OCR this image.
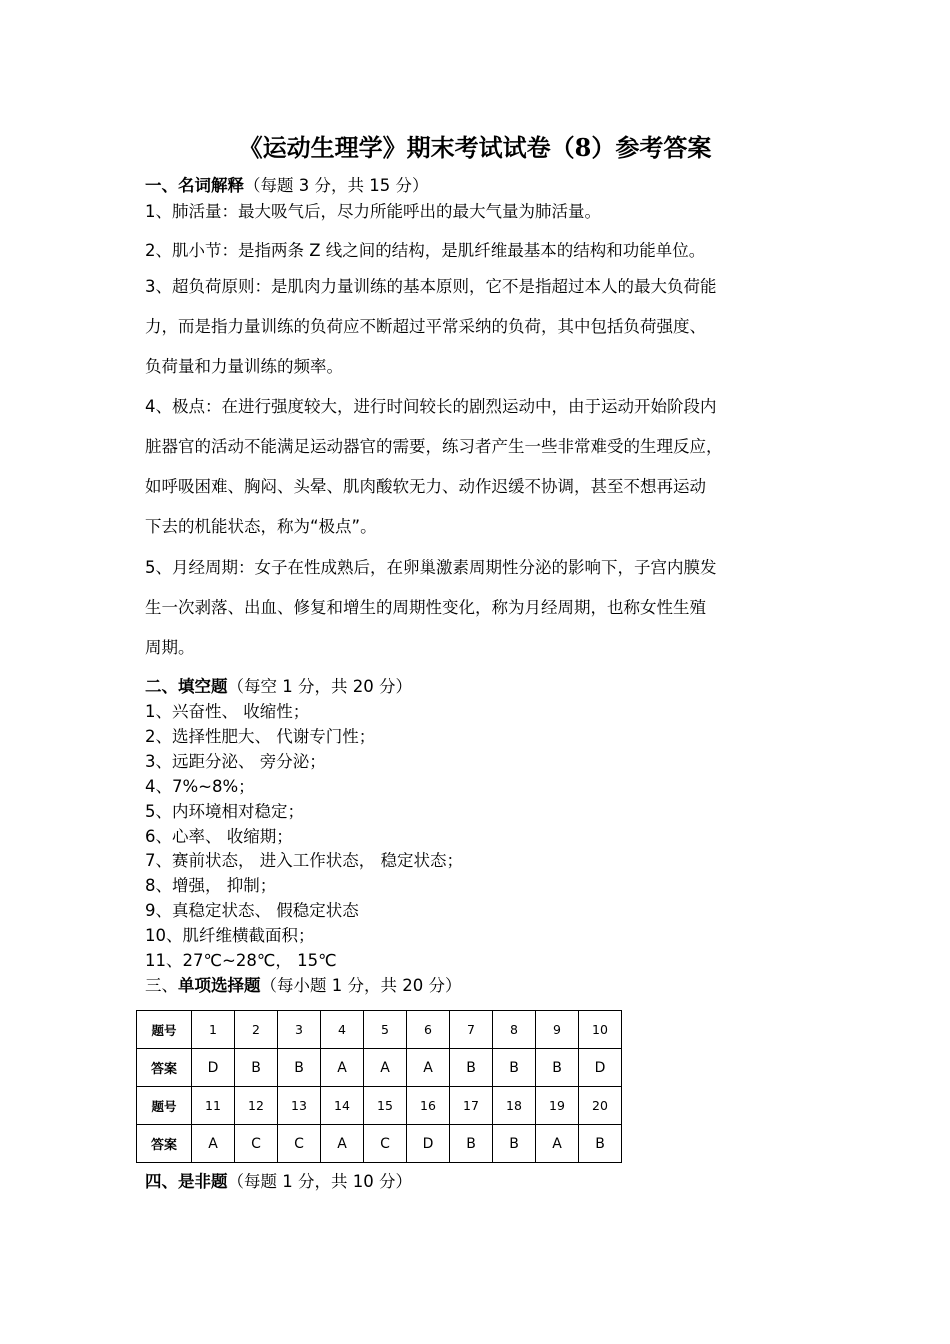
《运动生理学》期末考试试卷（8）参考答案
一、名词解释（每题 3 分，共 15 分）
1、肺活量：最大吸气后，尽力所能呼出的最大气量为肺活量。
2、肌小节：是指两条 Z 线之间的结构，是肌纤维最基本的结构和功能单位。
3、超负荷原则：是肌肉力量训练的基本原则，它不是指超过本人的最大负荷能
力，而是指力量训练的负荷应不断超过平常采纳的负荷，其中包括负荷强度、
负荷量和力量训练的频率。
4、极点：在进行强度较大，进行时间较长的剧烈运动中，由于运动开始阶段内
脏器官的活动不能满足运动器官的需要，练习者产生一些非常难受的生理反应，
如呼吸困难、胸闷、头晕、肌肉酸软无力、动作迟缓不协调，甚至不想再运动
下去的机能状态，称为“极点”。
5、月经周期：女子在性成熟后，在卵巢激素周期性分泌的影响下，子宫内膜发
生一次剥落、出血、修复和增生的周期性变化，称为月经周期，也称女性生殖
周期。
二、填空题（每空 1 分，共 20 分）
1、兴奋性、 收缩性；
2、选择性肥大、 代谢专门性；
3、远距分泌、 旁分泌；
4、7%~8%；
5、内环境相对稳定；
6、心率、 收缩期；
7、赛前状态， 进入工作状态， 稳定状态；
8、增强， 抑制；
9、真稳定状态、 假稳定状态
10、肌纤维横截面积；
11、27℃~28℃， 15℃
三、单项选择题（每小题 1 分，共 20 分）
题号	1	2	3	4	5	6	7	8	9	10
答案	D	B	B	A	A	A	B	B	B	D
题号	11	12	13	14	15	16	17	18	19	20
答案	A	C	C	A	C	D	B	B	A	B
四、是非题（每题 1 分，共 10 分）
